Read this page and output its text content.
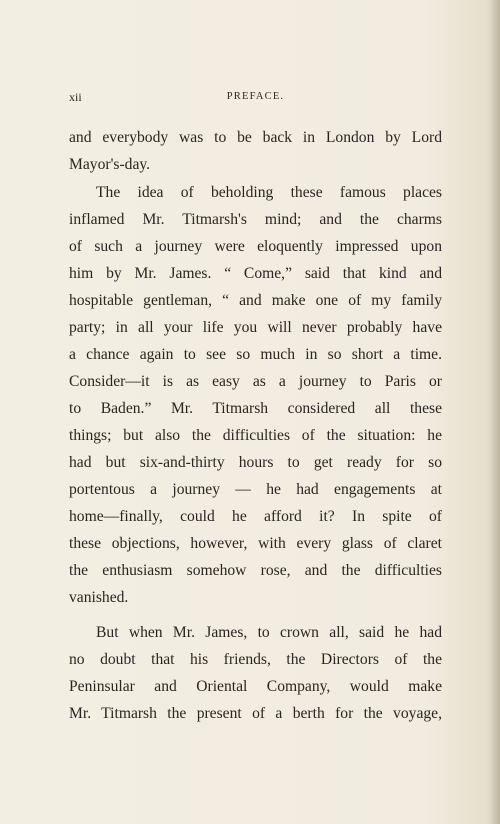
xii	PREFACE.
and everybody was to be back in London by Lord
Mayor's-day.
The idea of beholding these famous places
inflamed Mr. Titmarsh's mind; and the charms
of such a journey were eloquently impressed upon
him by Mr. James. “ Come,” said that kind and
hospitable gentleman, “ and make one of my family
party; in all your life you will never probably have
a chance again to see so much in so short a time.
Consider—it is as easy as a journey to Paris or
to Baden.” Mr. Titmarsh considered all these
things; but also the difficulties of the situation: he
had but six-and-thirty hours to get ready for so
portentous a journey — he had engagements at
home—finally, could he afford it? In spite of
these objections, however, with every glass of claret
the enthusiasm somehow rose, and the difficulties
vanished.
But when Mr. James, to crown all, said he had
no doubt that his friends, the Directors of the
Peninsular and Oriental Company, would make
Mr. Titmarsh the present of a berth for the voyage,
